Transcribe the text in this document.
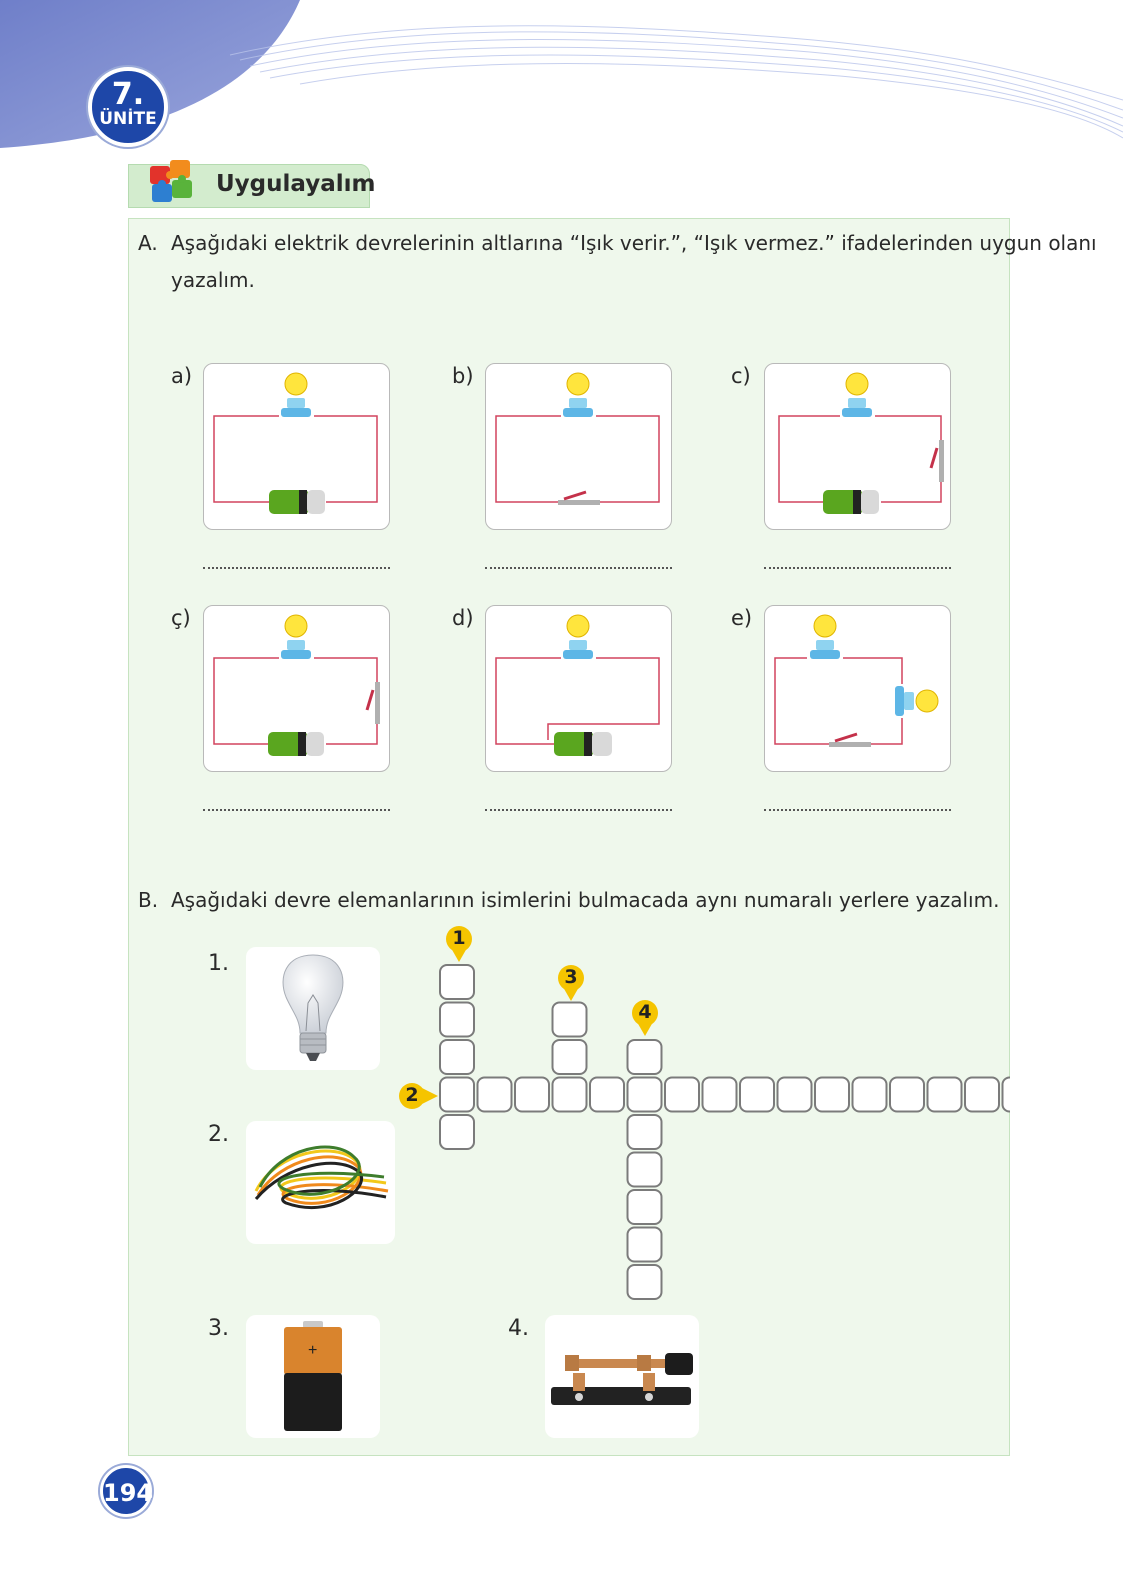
7.
ÜNİTE
Uygulayalım
A. Aşağıdaki elektrik devrelerinin altlarına “Işık verir.”, “Işık vermez.” ifadelerinden uygun olanı
yazalım.
a)	b)	c)
ç)	d)	e)
B. Aşağıdaki devre elemanlarının isimlerini bulmacada aynı numaralı yerlere yazalım.
1.
2.
3.
+
4.
1
2
3
4
194
